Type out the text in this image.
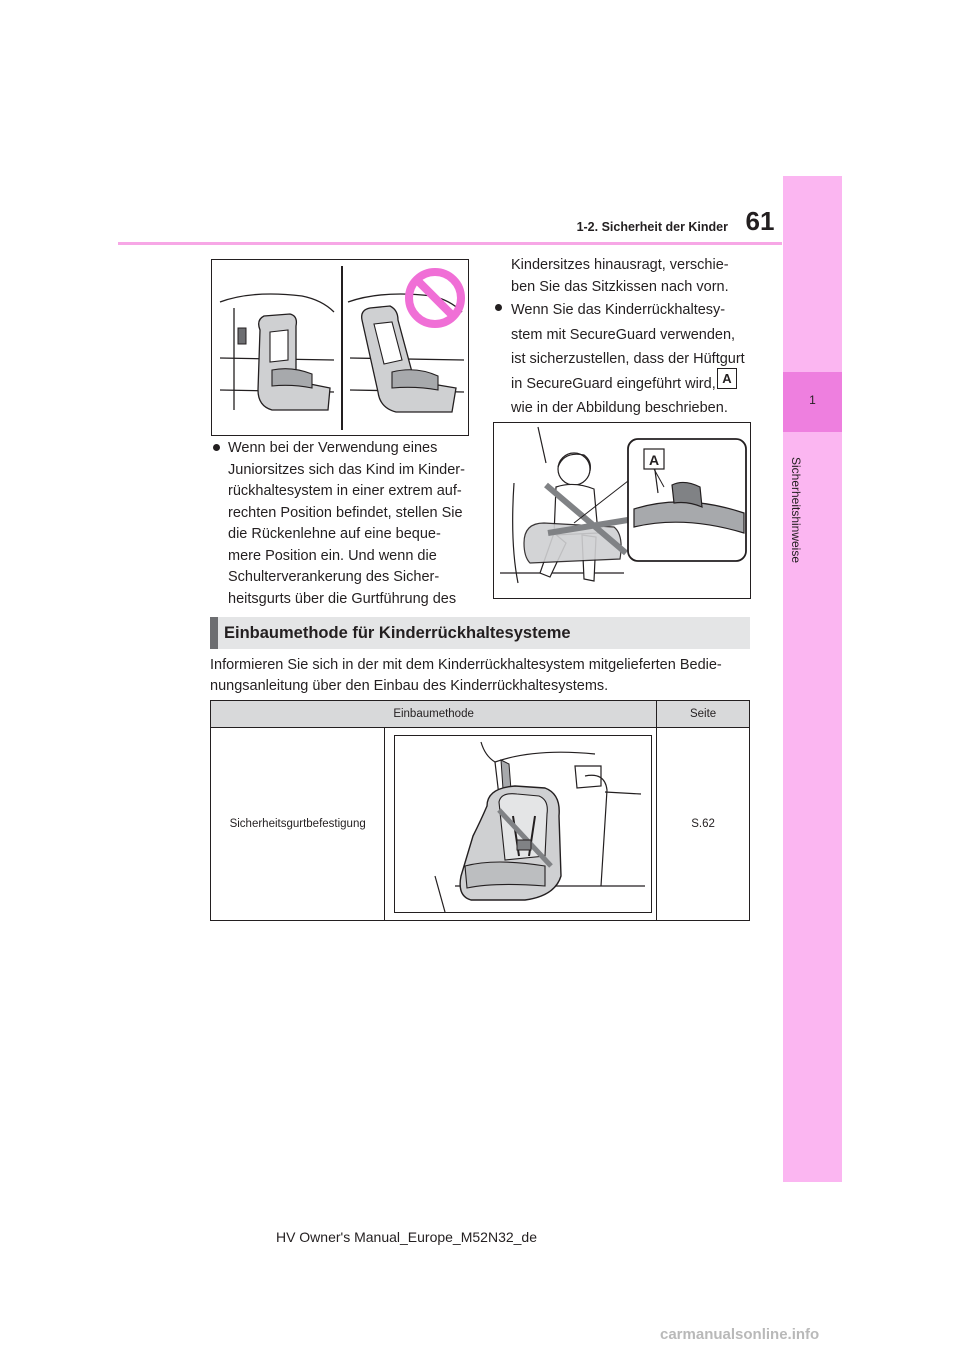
61
1-2. Sicherheit der Kinder
1
Sicherheitshinweise
Wenn bei der Verwendung eines
Juniorsitzes sich das Kind im Kinder-
rückhaltesystem in einer extrem auf-
rechten Position befindet, stellen Sie
die Rückenlehne auf eine beque-
mere Position ein. Und wenn die
Schulterverankerung des Sicher-
heitsgurts über die Gurtführung des
Kindersitzes hinausragt, verschie-
ben Sie das Sitzkissen nach vorn.
Wenn Sie das Kinderrückhaltesy-
stem mit SecureGuard verwenden,
ist sicherzustellen, dass der Hüftgurt
in SecureGuard eingeführt wird,
wie in der Abbildung beschrieben.
A
A
Einbaumethode für Kinderrückhaltesysteme
Informieren Sie sich in der mit dem Kinderrückhaltesystem mitgelieferten Bedie-
nungsanleitung über den Einbau des Kinderrückhaltesystems.
Einbaumethode		Seite
Sicherheitsgurtbefestigung		S.62
HV Owner's Manual_Europe_M52N32_de
carmanualsonline.info
